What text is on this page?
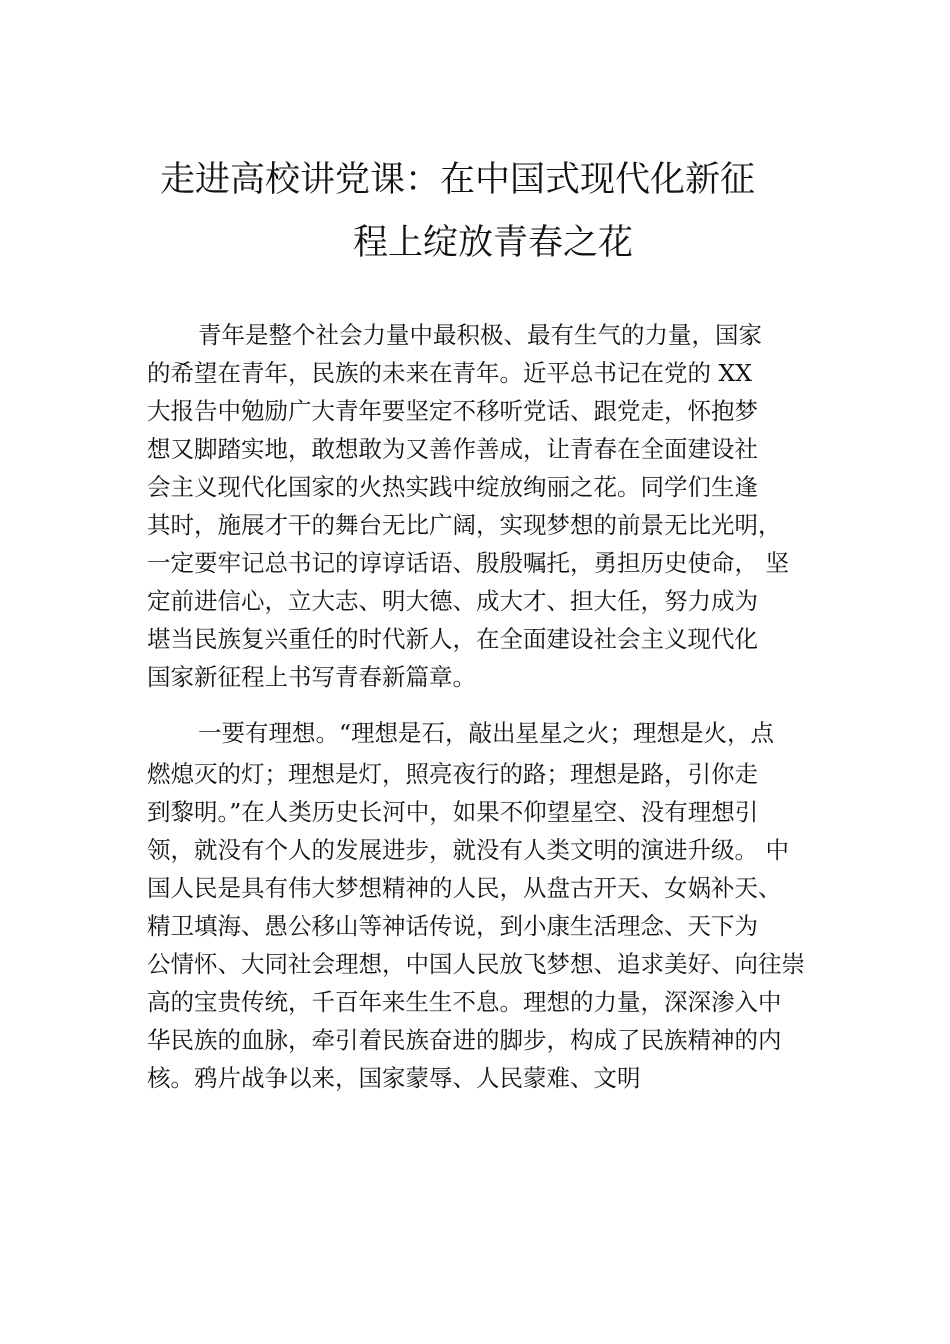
走进高校讲党课：在中国式现代化新征
程上绽放青春之花
青年是整个社会力量中最积极、最有生气的力量，国家
的希望在青年，民族的未来在青年。近平总书记在党的 XX
大报告中勉励广大青年要坚定不移听党话、跟党走，怀抱梦
想又脚踏实地，敢想敢为又善作善成，让青春在全面建设社
会主义现代化国家的火热实践中绽放绚丽之花。同学们生逢
其时，施展才干的舞台无比广阔，实现梦想的前景无比光明，
一定要牢记总书记的谆谆话语、殷殷嘱托，勇担历史使命， 坚
定前进信心，立大志、明大德、成大才、担大任，努力成为
堪当民族复兴重任的时代新人，在全面建设社会主义现代化
国家新征程上书写青春新篇章。
一要有理想。“理想是石，敲出星星之火；理想是火，点
燃熄灭的灯；理想是灯，照亮夜行的路；理想是路，引你走
到黎明。”在人类历史长河中，如果不仰望星空、没有理想引
领，就没有个人的发展进步，就没有人类文明的演进升级。 中
国人民是具有伟大梦想精神的人民，从盘古开天、女娲补天、
精卫填海、愚公移山等神话传说，到小康生活理念、天下为
公情怀、大同社会理想，中国人民放飞梦想、追求美好、向往崇
高的宝贵传统，千百年来生生不息。理想的力量，深深渗入中
华民族的血脉，牵引着民族奋进的脚步，构成了民族精神的内
核。鸦片战争以来，国家蒙辱、人民蒙难、文明
